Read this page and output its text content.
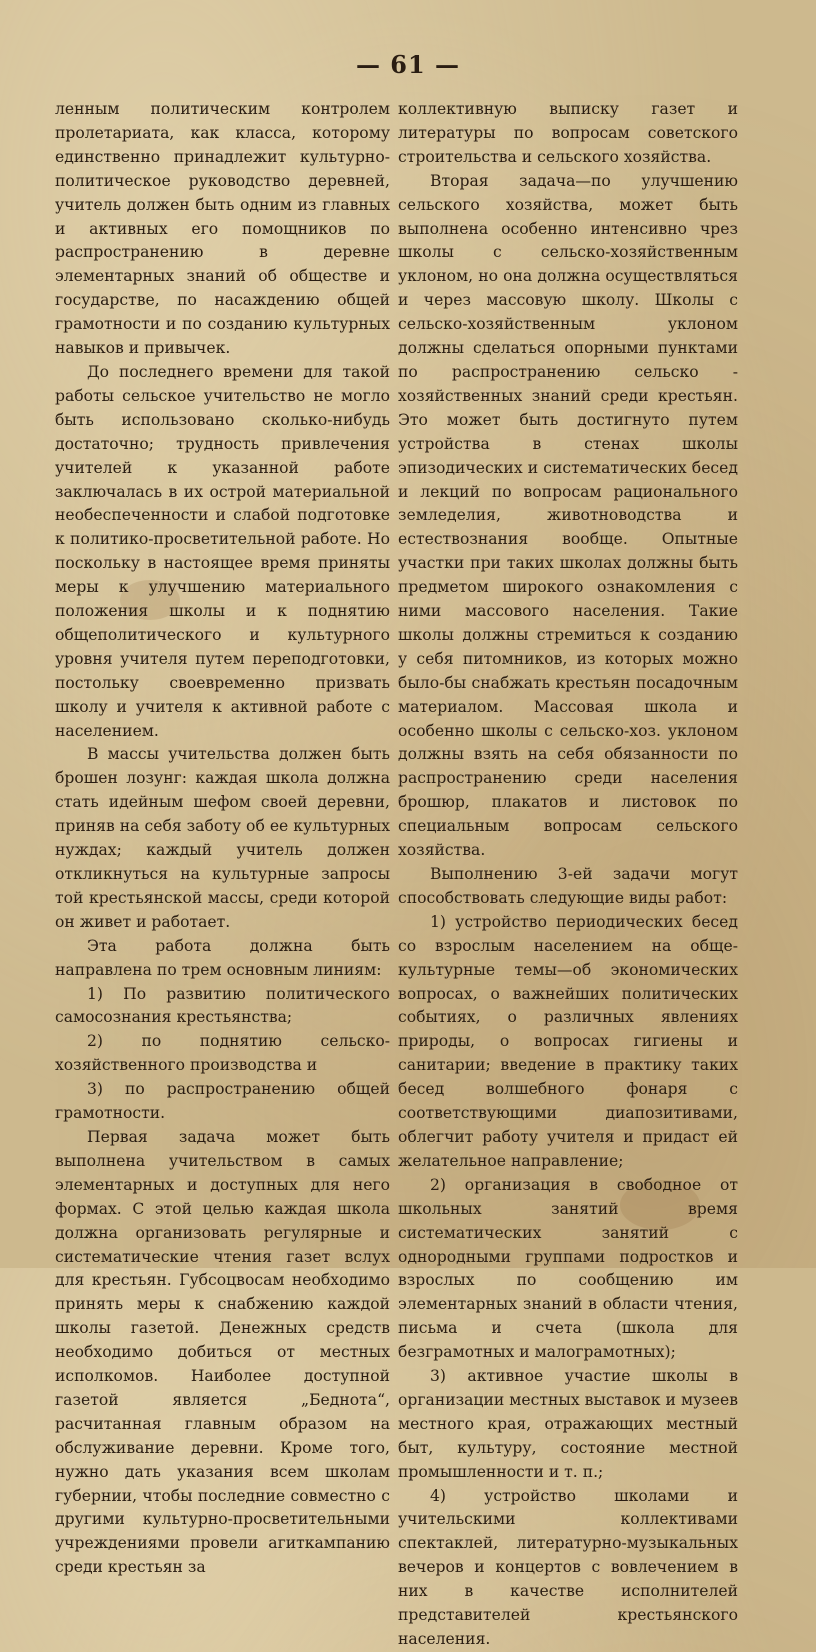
— 61 —

ленным политическим контролем пролетариата, как класса, которому единственно принадлежит культурно-политическое руководство деревней, учитель должен быть одним из главных и активных его помощников по распространению в деревне элементарных знаний об обществе и государстве, по насаждению общей грамотности и по созданию культурных навыков и привычек.

До последнего времени для такой работы сельское учительство не могло быть использовано сколько-нибудь достаточно; трудность привлечения учителей к указанной работе заключалась в их острой материальной необеспеченности и слабой подготовке к политико-просветительной работе. Но поскольку в настоящее время приняты меры к улучшению материального положения школы и к поднятию общеполитического и культурного уровня учителя путем переподготовки, постольку своевременно призвать школу и учителя к активной работе с населением.

В массы учительства должен быть брошен лозунг: каждая школа должна стать идейным шефом своей деревни, приняв на себя заботу об ее культурных нуждах; каждый учитель должен откликнуться на культурные запросы той крестьянской массы, среди которой он живет и работает.

Эта работа должна быть направлена по трем основным линиям:

1) По развитию политического самосознания крестьянства;

2) по поднятию сельско-хозяйственного производства и

3) по распространению общей грамотности.

Первая задача может быть выполнена учительством в самых элементарных и доступных для него формах. С этой целью каждая школа должна организовать регулярные и систематические чтения газет вслух для крестьян. Губсоцвосам необходимо принять меры к снабжению каждой школы газетой. Денежных средств необходимо добиться от местных исполкомов. Наиболее доступной газетой является „Беднота“, расчитанная главным образом на обслуживание деревни. Кроме того, нужно дать указания всем школам губернии, чтобы последние совместно с другими культурно-просветительными учреждениями провели агиткампанию среди крестьян за

коллективную выписку газет и литературы по вопросам советского строительства и сельского хозяйства.

Вторая задача—по улучшению сельского хозяйства, может быть выполнена особенно интенсивно чрез школы с сельско-хозяйственным уклоном, но она должна осуществляться и через массовую школу. Школы с сельско-хозяйственным уклоном должны сделаться опорными пунктами по распространению сельско - хозяйственных знаний среди крестьян. Это может быть достигнуто путем устройства в стенах школы эпизодических и систематических бесед и лекций по вопросам рационального земледелия, животноводства и естествознания вообще. Опытные участки при таких школах должны быть предметом широкого ознакомления с ними массового населения. Такие школы должны стремиться к созданию у себя питомников, из которых можно было-бы снабжать крестьян посадочным материалом. Массовая школа и особенно школы с сельско-хоз. уклоном должны взять на себя обязанности по распространению среди населения брошюр, плакатов и листовок по специальным вопросам сельского хозяйства.

Выполнению 3-ей задачи могут способствовать следующие виды работ:

1) устройство периодических бесед со взрослым населением на обще-культурные темы—об экономических вопросах, о важнейших политических событиях, о различных явлениях природы, о вопросах гигиены и санитарии; введение в практику таких бесед волшебного фонаря с соответствующими диапозитивами, облегчит работу учителя и придаст ей желательное направление;

2) организация в свободное от школьных занятий время систематических занятий с однородными группами подростков и взрослых по сообщению им элементарных знаний в области чтения, письма и счета (школа для безграмотных и малограмотных);

3) активное участие школы в организации местных выставок и музеев местного края, отражающих местный быт, культуру, состояние местной промышленности и т. п.;

4) устройство школами и учительскими коллективами спектаклей, литературно-музыкальных вечеров и концертов с вовлечением в них в качестве исполнителей представителей крестьянского населения.
